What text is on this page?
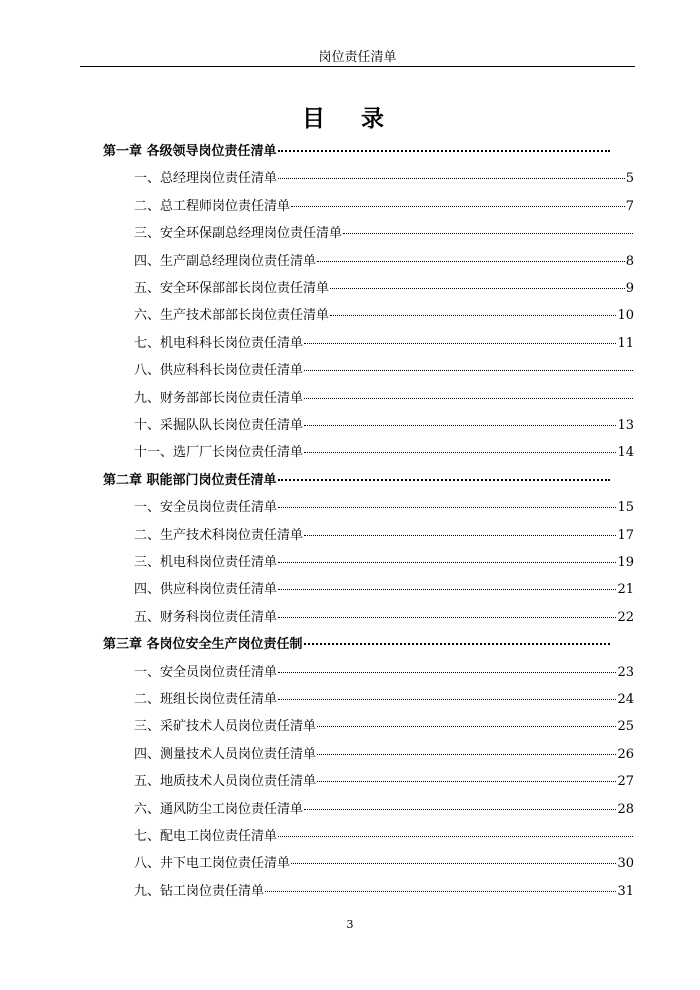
岗位责任清单
目 录
第一章 各级领导岗位责任清单
一、总经理岗位责任清单	5
二、总工程师岗位责任清单	7
三、安全环保副总经理岗位责任清单
四、生产副总经理岗位责任清单	8
五、安全环保部部长岗位责任清单	9
六、生产技术部部长岗位责任清单	10
七、机电科科长岗位责任清单	11
八、供应科科长岗位责任清单
九、财务部部长岗位责任清单
十、采掘队队长岗位责任清单	13
十一、选厂厂长岗位责任清单	14
第二章 职能部门岗位责任清单
一、安全员岗位责任清单	15
二、生产技术科岗位责任清单	17
三、机电科岗位责任清单	19
四、供应科岗位责任清单	21
五、财务科岗位责任清单	22
第三章 各岗位安全生产岗位责任制
一、安全员岗位责任清单	23
二、班组长岗位责任清单	24
三、采矿技术人员岗位责任清单	25
四、测量技术人员岗位责任清单	26
五、地质技术人员岗位责任清单	27
六、通风防尘工岗位责任清单	28
七、配电工岗位责任清单
八、井下电工岗位责任清单	30
九、钻工岗位责任清单	31
3
